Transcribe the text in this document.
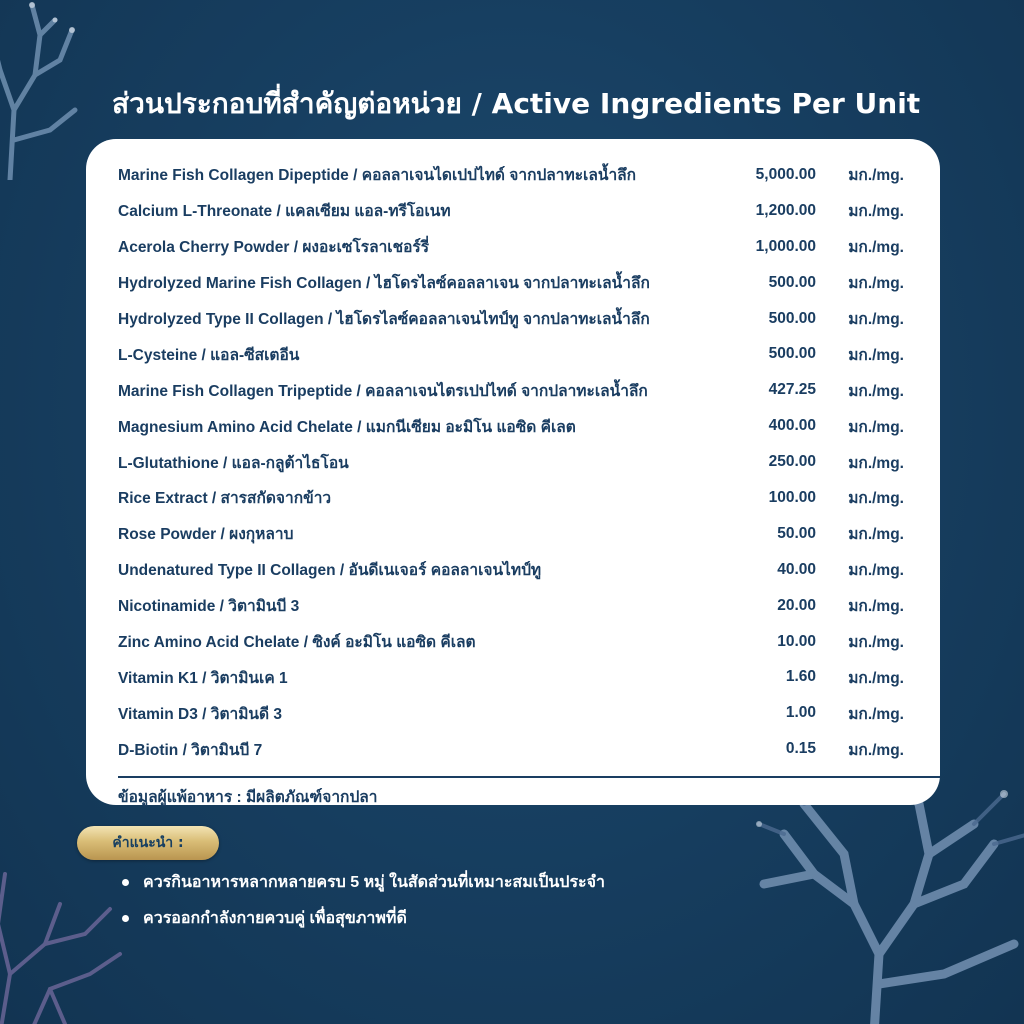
ส่วนประกอบที่สำคัญต่อหน่วย / Active Ingredients Per Unit
Marine Fish Collagen Dipeptide / คอลลาเจนไดเปปไทด์ จากปลาทะเลน้ำลึก	5,000.00	มก./mg.
Calcium L-Threonate / แคลเซียม แอล-ทรีโอเนท	1,200.00	มก./mg.
Acerola Cherry Powder / ผงอะเซโรลาเชอร์รี่	1,000.00	มก./mg.
Hydrolyzed Marine Fish Collagen / ไฮโดรไลซ์คอลลาเจน จากปลาทะเลน้ำลึก	500.00	มก./mg.
Hydrolyzed Type II Collagen / ไฮโดรไลซ์คอลลาเจนไทป์ทู จากปลาทะเลน้ำลึก	500.00	มก./mg.
L-Cysteine / แอล-ซีสเตอีน	500.00	มก./mg.
Marine Fish Collagen Tripeptide / คอลลาเจนไตรเปปไทด์ จากปลาทะเลน้ำลึก	427.25	มก./mg.
Magnesium Amino Acid Chelate / แมกนีเซียม อะมิโน แอซิด คีเลต	400.00	มก./mg.
L-Glutathione / แอล-กลูต้าไธโอน	250.00	มก./mg.
Rice Extract / สารสกัดจากข้าว	100.00	มก./mg.
Rose Powder / ผงกุหลาบ	50.00	มก./mg.
Undenatured Type II Collagen / อันดีเนเจอร์ คอลลาเจนไทป์ทู	40.00	มก./mg.
Nicotinamide / วิตามินบี 3	20.00	มก./mg.
Zinc Amino Acid Chelate / ซิงค์ อะมิโน แอซิด คีเลต	10.00	มก./mg.
Vitamin K1 / วิตามินเค 1	1.60	มก./mg.
Vitamin D3 / วิตามินดี 3	1.00	มก./mg.
D-Biotin / วิตามินบี 7	0.15	มก./mg.

ข้อมูลผู้แพ้อาหาร : มีผลิตภัณฑ์จากปลา

คำแนะนำ :
ควรกินอาหารหลากหลายครบ 5 หมู่ ในสัดส่วนที่เหมาะสมเป็นประจำ
ควรออกกำลังกายควบคู่ เพื่อสุขภาพที่ดี
